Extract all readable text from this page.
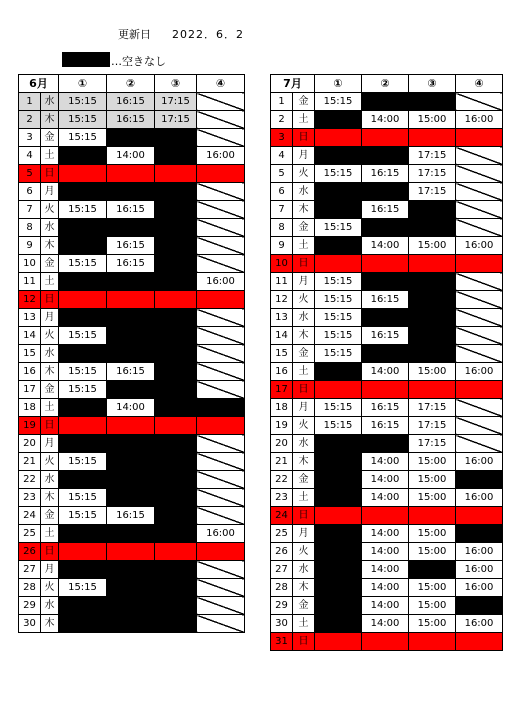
更新日 2022．6．2
…空きなし
6月		①	②	③	④
1	水	15:15	16:15	17:15	
2	木	15:15	16:15	17:15	
3	金	15:15			
4	土		14:00		16:00
5	日				
6	月				
7	火	15:15	16:15		
8	水				
9	木		16:15		
10	金	15:15	16:15		
11	土				16:00
12	日				
13	月				
14	火	15:15			
15	水				
16	木	15:15	16:15		
17	金	15:15			
18	土		14:00		
19	日				
20	月				
21	火	15:15			
22	水				
23	木	15:15			
24	金	15:15	16:15		
25	土				16:00
26	日				
27	月				
28	火	15:15			
29	水				
30	木				
7月		①	②	③	④
1	金	15:15			
2	土		14:00	15:00	16:00
3	日				
4	月			17:15	
5	火	15:15	16:15	17:15	
6	水			17:15	
7	木		16:15		
8	金	15:15			
9	土		14:00	15:00	16:00
10	日				
11	月	15:15			
12	火	15:15	16:15		
13	水	15:15			
14	木	15:15	16:15		
15	金	15:15			
16	土		14:00	15:00	16:00
17	日				
18	月	15:15	16:15	17:15	
19	火	15:15	16:15	17:15	
20	水			17:15	
21	木		14:00	15:00	16:00
22	金		14:00	15:00	
23	土		14:00	15:00	16:00
24	日				
25	月		14:00	15:00	
26	火		14:00	15:00	16:00
27	水		14:00		16:00
28	木		14:00	15:00	16:00
29	金		14:00	15:00	
30	土		14:00	15:00	16:00
31	日				
